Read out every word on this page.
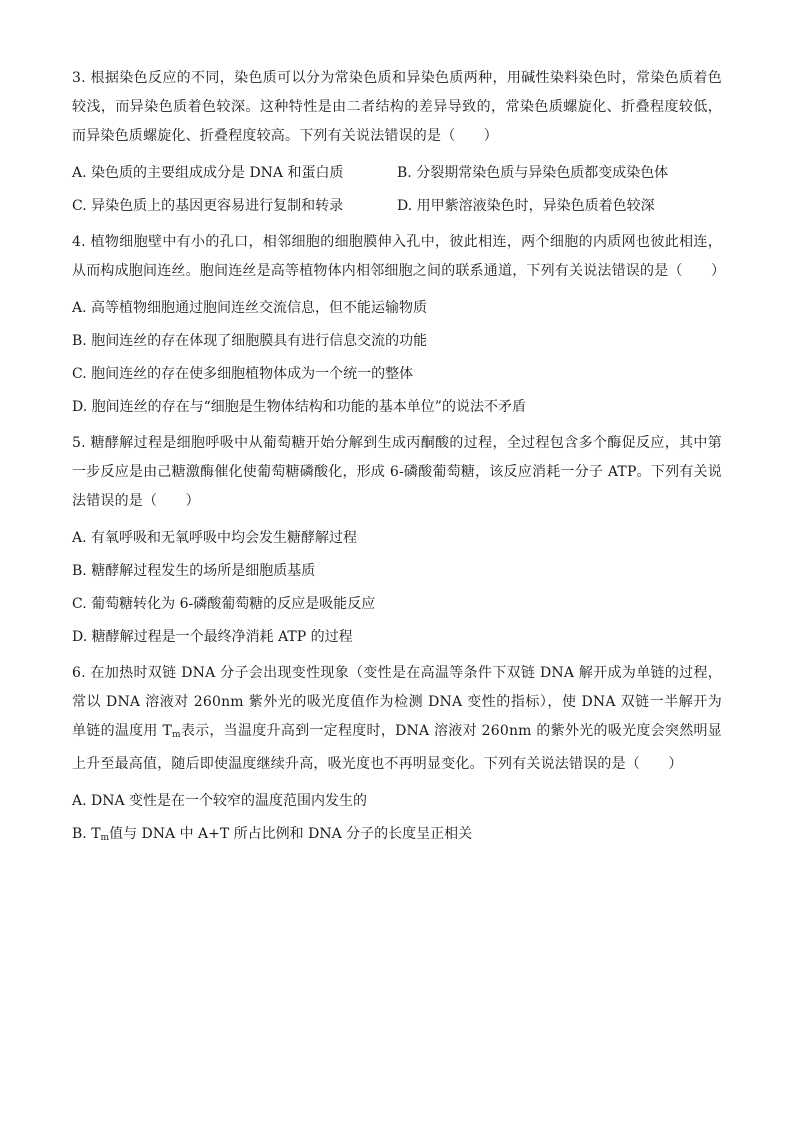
3. 根据染色反应的不同，染色质可以分为常染色质和异染色质两种，用碱性染料染色时，常染色质着色较浅，而异染色质着色较深。这种特性是由二者结构的差异导致的，常染色质螺旋化、折叠程度较低，而异染色质螺旋化、折叠程度较高。下列有关说法错误的是（　　）
A. 染色质的主要组成成分是 DNA 和蛋白质	B. 分裂期常染色质与异染色质都变成染色体
C. 异染色质上的基因更容易进行复制和转录	D. 用甲紫溶液染色时，异染色质着色较深
4. 植物细胞壁中有小的孔口，相邻细胞的细胞膜伸入孔中，彼此相连，两个细胞的内质网也彼此相连，从而构成胞间连丝。胞间连丝是高等植物体内相邻细胞之间的联系通道，下列有关说法错误的是（　　）
A. 高等植物细胞通过胞间连丝交流信息，但不能运输物质
B. 胞间连丝的存在体现了细胞膜具有进行信息交流的功能
C. 胞间连丝的存在使多细胞植物体成为一个统一的整体
D. 胞间连丝的存在与“细胞是生物体结构和功能的基本单位”的说法不矛盾
5. 糖酵解过程是细胞呼吸中从葡萄糖开始分解到生成丙酮酸的过程，全过程包含多个酶促反应，其中第一步反应是由己糖激酶催化使葡萄糖磷酸化，形成 6-磷酸葡萄糖，该反应消耗一分子 ATP。下列有关说法错误的是（　　）
A. 有氧呼吸和无氧呼吸中均会发生糖酵解过程
B. 糖酵解过程发生的场所是细胞质基质
C. 葡萄糖转化为 6-磷酸葡萄糖的反应是吸能反应
D. 糖酵解过程是一个最终净消耗 ATP 的过程
6. 在加热时双链 DNA 分子会出现变性现象（变性是在高温等条件下双链 DNA 解开成为单链的过程，常以 DNA 溶液对 260nm 紫外光的吸光度值作为检测 DNA 变性的指标），使 DNA 双链一半解开为单链的温度用 $T_m$表示，当温度升高到一定程度时，DNA 溶液对 260nm 的紫外光的吸光度会突然明显上升至最高值，随后即使温度继续升高，吸光度也不再明显变化。下列有关说法错误的是（　　）
A. DNA 变性是在一个较窄的温度范围内发生的
B. $T_m$值与 DNA 中 A+T 所占比例和 DNA 分子的长度呈正相关
